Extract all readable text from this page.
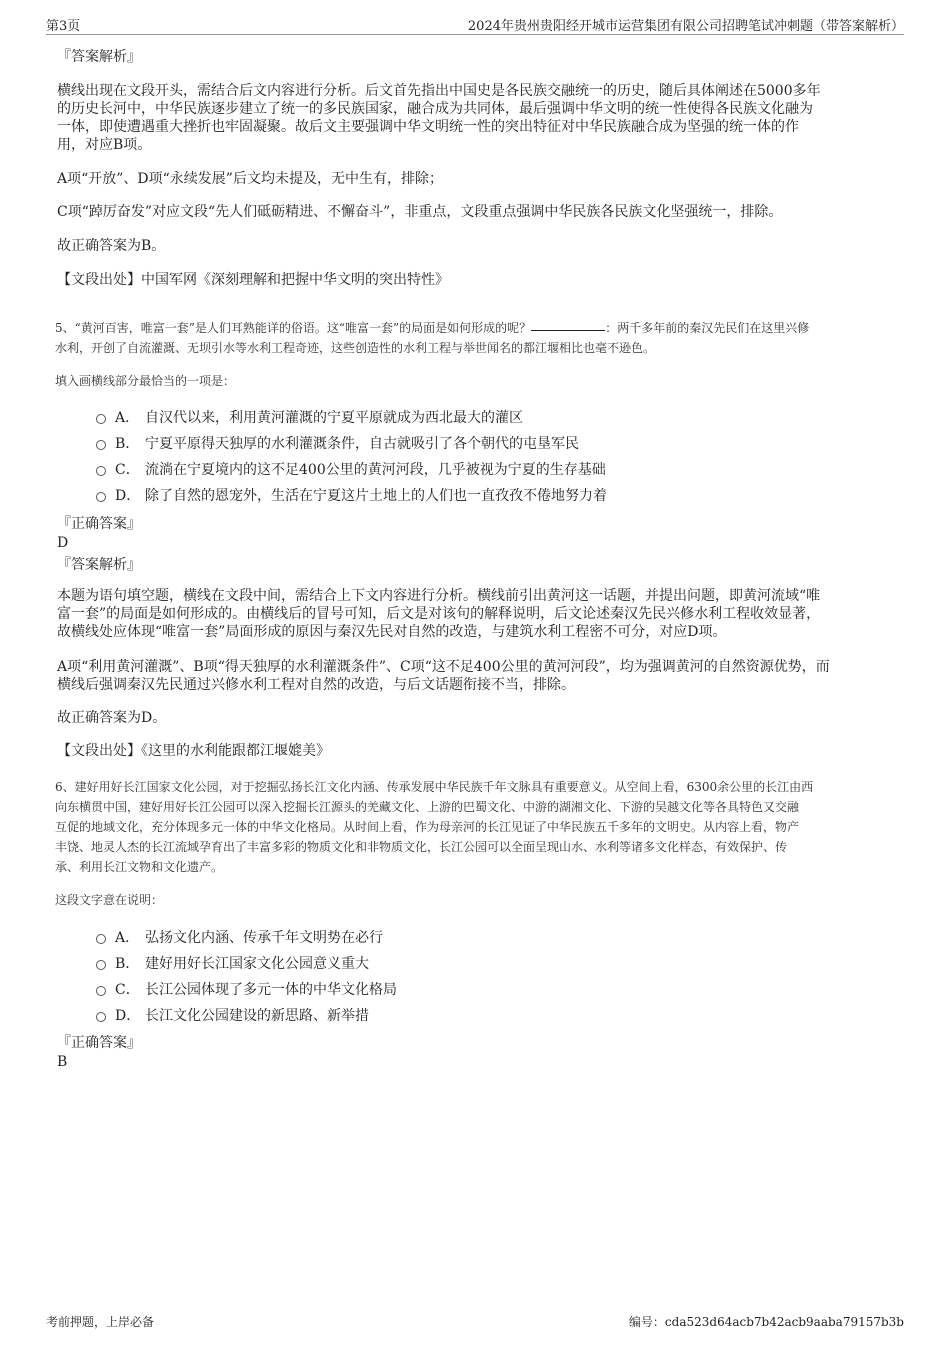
第3页	2024年贵州贵阳经开城市运营集团有限公司招聘笔试冲刺题（带答案解析）
『答案解析』
横线出现在文段开头，需结合后文内容进行分析。后文首先指出中国史是各民族交融统一的历史，随后具体阐述在5000多年
的历史长河中，中华民族逐步建立了统一的多民族国家，融合成为共同体，最后强调中华文明的统一性使得各民族文化融为
一体，即使遭遇重大挫折也牢固凝聚。故后文主要强调中华文明统一性的突出特征对中华民族融合成为坚强的统一体的作
用，对应B项。
A项“开放”、D项“永续发展”后文均未提及，无中生有，排除；
C项“踔厉奋发”对应文段“先人们砥砺精进、不懈奋斗”，非重点，文段重点强调中华民族各民族文化坚强统一，排除。
故正确答案为B。
【文段出处】中国军网《深刻理解和把握中华文明的突出特性》
5、“黄河百害，唯富一套”是人们耳熟能详的俗语。这“唯富一套”的局面是如何形成的呢？	：两千多年前的秦汉先民们在这里兴修
水利，开创了自流灌溉、无坝引水等水利工程奇迹，这些创造性的水利工程与举世闻名的都江堰相比也毫不逊色。
填入画横线部分最恰当的一项是：
A． 自汉代以来，利用黄河灌溉的宁夏平原就成为西北最大的灌区
B． 宁夏平原得天独厚的水利灌溉条件，自古就吸引了各个朝代的屯垦军民
C． 流淌在宁夏境内的这不足400公里的黄河河段，几乎被视为宁夏的生存基础
D． 除了自然的恩宠外，生活在宁夏这片土地上的人们也一直孜孜不倦地努力着
『正确答案』
D
『答案解析』
本题为语句填空题，横线在文段中间，需结合上下文内容进行分析。横线前引出黄河这一话题，并提出问题，即黄河流域“唯
富一套”的局面是如何形成的。由横线后的冒号可知，后文是对该句的解释说明，后文论述秦汉先民兴修水利工程收效显著，
故横线处应体现“唯富一套”局面形成的原因与秦汉先民对自然的改造，与建筑水利工程密不可分，对应D项。
A项“利用黄河灌溉”、B项“得天独厚的水利灌溉条件”、C项“这不足400公里的黄河河段”，均为强调黄河的自然资源优势，而
横线后强调秦汉先民通过兴修水利工程对自然的改造，与后文话题衔接不当，排除。
故正确答案为D。
【文段出处】《这里的水利能跟都江堰媲美》
6、建好用好长江国家文化公园，对于挖掘弘扬长江文化内涵、传承发展中华民族千年文脉具有重要意义。从空间上看，6300余公里的长江由西
向东横贯中国，建好用好长江公园可以深入挖掘长江源头的羌藏文化、上游的巴蜀文化、中游的湖湘文化、下游的吴越文化等各具特色又交融
互促的地域文化，充分体现多元一体的中华文化格局。从时间上看，作为母亲河的长江见证了中华民族五千多年的文明史。从内容上看，物产
丰饶、地灵人杰的长江流域孕育出了丰富多彩的物质文化和非物质文化，长江公园可以全面呈现山水、水利等诸多文化样态，有效保护、传
承、利用长江文物和文化遗产。
这段文字意在说明：
A． 弘扬文化内涵、传承千年文明势在必行
B． 建好用好长江国家文化公园意义重大
C． 长江公园体现了多元一体的中华文化格局
D． 长江文化公园建设的新思路、新举措
『正确答案』
B
考前押题，上岸必备	编号：cda523d64acb7b42acb9aaba79157b3b
